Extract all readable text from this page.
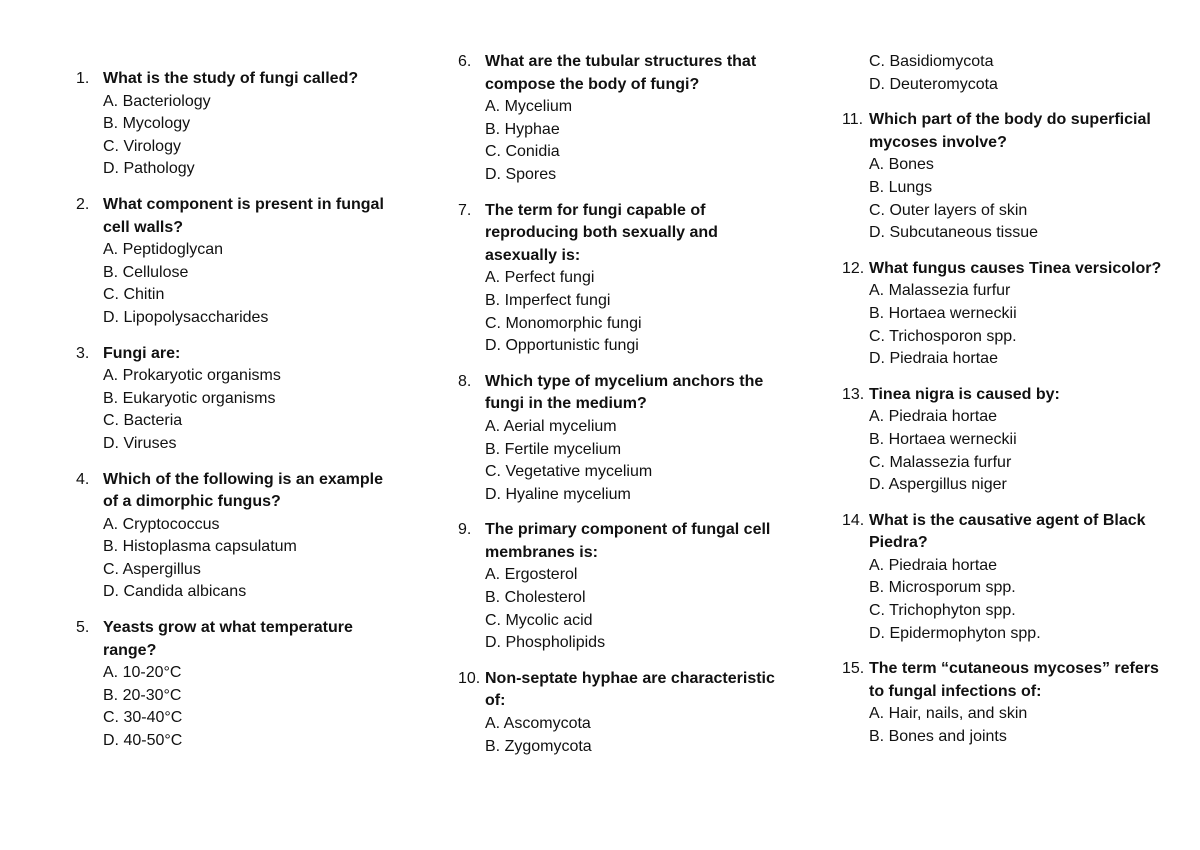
1. What is the study of fungi called?
A. Bacteriology
B. Mycology
C. Virology
D. Pathology
2. What component is present in fungal cell walls?
A. Peptidoglycan
B. Cellulose
C. Chitin
D. Lipopolysaccharides
3. Fungi are:
A. Prokaryotic organisms
B. Eukaryotic organisms
C. Bacteria
D. Viruses
4. Which of the following is an example of a dimorphic fungus?
A. Cryptococcus
B. Histoplasma capsulatum
C. Aspergillus
D. Candida albicans
5. Yeasts grow at what temperature range?
A. 10-20°C
B. 20-30°C
C. 30-40°C
D. 40-50°C
6. What are the tubular structures that compose the body of fungi?
A. Mycelium
B. Hyphae
C. Conidia
D. Spores
7. The term for fungi capable of reproducing both sexually and asexually is:
A. Perfect fungi
B. Imperfect fungi
C. Monomorphic fungi
D. Opportunistic fungi
8. Which type of mycelium anchors the fungi in the medium?
A. Aerial mycelium
B. Fertile mycelium
C. Vegetative mycelium
D. Hyaline mycelium
9. The primary component of fungal cell membranes is:
A. Ergosterol
B. Cholesterol
C. Mycolic acid
D. Phospholipids
10. Non-septate hyphae are characteristic of:
A. Ascomycota
B. Zygomycota
C. Basidiomycota
D. Deuteromycota
11. Which part of the body do superficial mycoses involve?
A. Bones
B. Lungs
C. Outer layers of skin
D. Subcutaneous tissue
12. What fungus causes Tinea versicolor?
A. Malassezia furfur
B. Hortaea werneckii
C. Trichosporon spp.
D. Piedraia hortae
13. Tinea nigra is caused by:
A. Piedraia hortae
B. Hortaea werneckii
C. Malassezia furfur
D. Aspergillus niger
14. What is the causative agent of Black Piedra?
A. Piedraia hortae
B. Microsporum spp.
C. Trichophyton spp.
D. Epidermophyton spp.
15. The term “cutaneous mycoses” refers to fungal infections of:
A. Hair, nails, and skin
B. Bones and joints
